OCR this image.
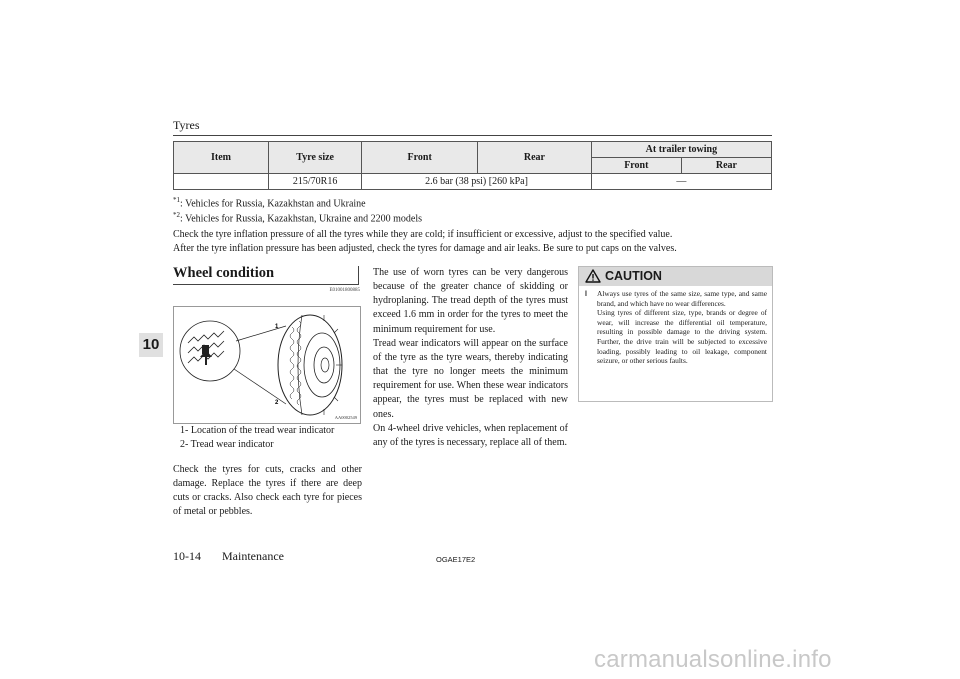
Tyres
Item	Tyre size	Front	Rear	At trailer towing	
				Front	Rear
	215/70R16	2.6 bar (38 psi) [260 kPa]		—	
$^{*1}$: Vehicles for Russia, Kazakhstan and Ukraine
$^{*2}$: Vehicles for Russia, Kazakhstan, Ukraine and 2200 models
Check the tyre inflation pressure of all the tyres while they are cold; if insufficient or excessive, adjust to the specified value.
After the tyre inflation pressure has been adjusted, check the tyres for damage and air leaks. Be sure to put caps on the valves.
Wheel condition
E01001800885
1
2
AA0002549
1- Location of the tread wear indicator
2- Tread wear indicator
Check the tyres for cuts, cracks and other damage. Replace the tyres if there are deep cuts or cracks. Also check each tyre for pieces of metal or pebbles.
The use of worn tyres can be very dangerous because of the greater chance of skidding or hydroplaning. The tread depth of the tyres must exceed 1.6 mm in order for the tyres to meet the minimum requirement for use.
Tread wear indicators will appear on the surface of the tyre as the tyre wears, thereby indicating that the tyre no longer meets the minimum requirement for use. When these wear indicators appear, the tyres must be replaced with new ones.
On 4-wheel drive vehicles, when replacement of any of the tyres is necessary, replace all of them.
CAUTION
l Always use tyres of the same size, same type, and same brand, and which have no wear differences.
Using tyres of different size, type, brands or degree of wear, will increase the differential oil temperature, resulting in possible damage to the driving system. Further, the drive train will be subjected to excessive loading, possibly leading to oil leakage, component seizure, or other serious faults.
10
10-14 Maintenance	OGAE17E2
carmanualsonline.info
